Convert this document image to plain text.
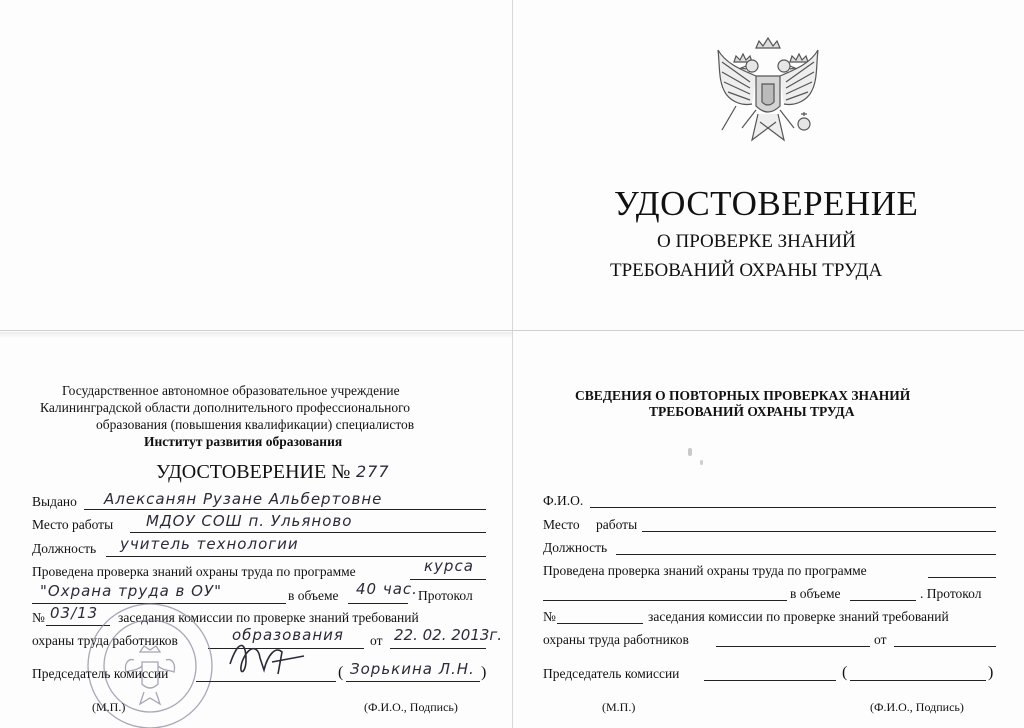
УДОСТОВЕРЕНИЕ
О ПРОВЕРКЕ ЗНАНИЙ
ТРЕБОВАНИЙ ОХРАНЫ ТРУДА
Государственное автономное образовательное учреждение
Калининградской области дополнительного профессионального
образования (повышения квалификации) специалистов
Институт развития образования
УДОСТОВЕРЕНИЕ № 277
Выдано Алексанян Рузане Альбертовне
Место работы МДОУ СОШ п. Ульяново
Должность учитель технологии
Проведена проверка знаний охраны труда по программе	курса
"Охрана труда в ОУ"	в объеме 40 час. Протокол
№ 03/13 заседания комиссии по проверке знаний требований
охраны труда работников	образования от 22. 02. 2013г.
Председатель комиссии	( Зорькина Л.Н. )
(М.П.)	(Ф.И.О., Подпись)
СВЕДЕНИЯ О ПОВТОРНЫХ ПРОВЕРКАХ ЗНАНИЙ
ТРЕБОВАНИЙ ОХРАНЫ ТРУДА
Ф.И.О.
Место работы
Должность
Проведена проверка знаний охраны труда по программе
в объеме	. Протокол
№	заседания комиссии по проверке знаний требований
охраны труда работников	от
Председатель комиссии	(	)
(М.П.)	(Ф.И.О., Подпись)
